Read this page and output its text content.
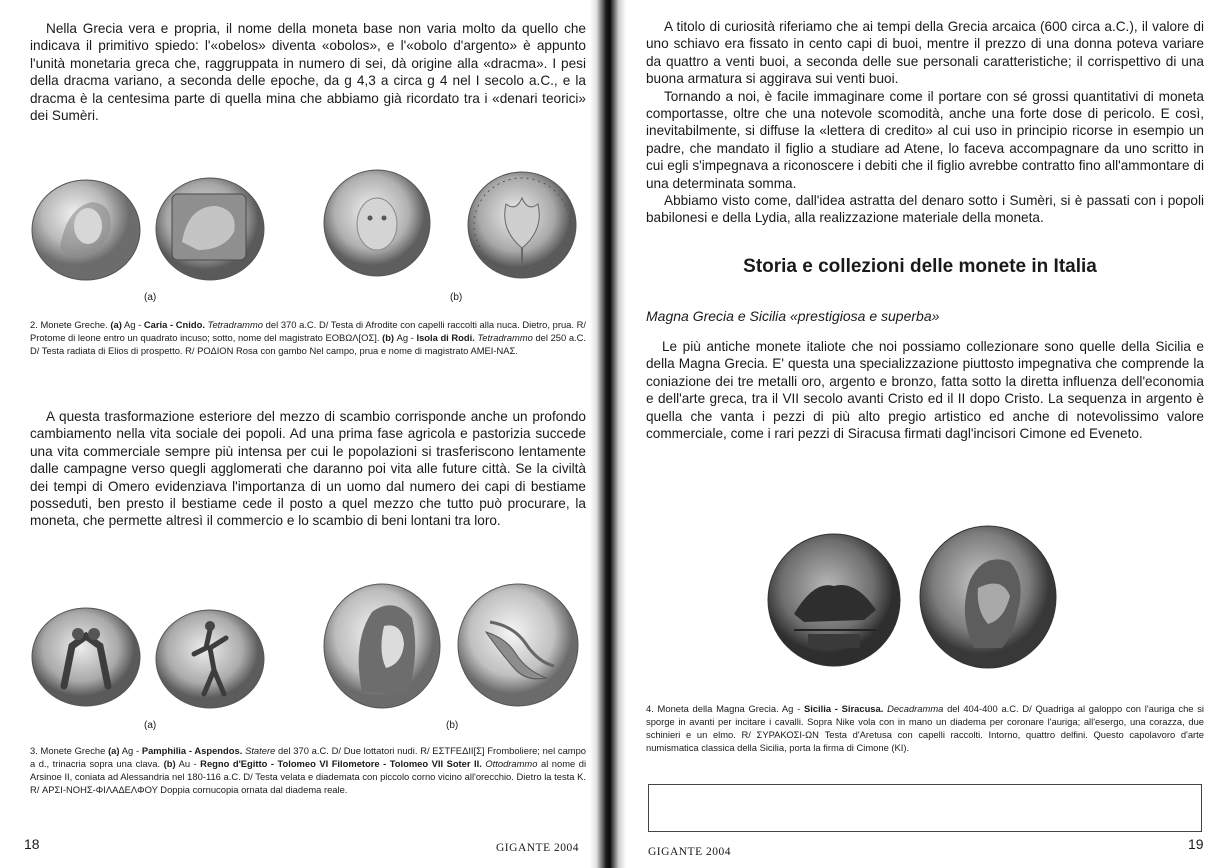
Nella Grecia vera e propria, il nome della moneta base non varia molto da quello che indicava il primitivo spiedo: l'«obelos» diventa «obolos», e l'«obolo d'argento» è appunto l'unità monetaria greca che, raggruppata in numero di sei, dà origine alla «dracma». I pesi della dracma variano, a seconda delle epoche, da g 4,3 a circa g 4 nel I secolo a.C., e la dracma è la centesima parte di quella mina che abbiamo già ricordato tra i «denari teorici» dei Sumèri.
(a)	(b)
2. Monete Greche. (a) Ag - Caria - Cnido. Tetradrammo del 370 a.C. D/ Testa di Afrodite con capelli raccolti alla nuca. Dietro, prua. R/ Protome di leone entro un quadrato incuso; sotto, nome del magistrato ΕΟΒΩΛ[ΟΣ]. (b) Ag - Isola di Rodi. Tetradrammo del 250 a.C. D/ Testa radiata di Elios di prospetto. R/ ΡΟΔΙΟΝ Rosa con gambo Nel campo, prua e nome di magistrato AMEI-ΝΑΣ.
A questa trasformazione esteriore del mezzo di scambio corrisponde anche un profondo cambiamento nella vita sociale dei popoli. Ad una prima fase agricola e pastorizia succede una vita commerciale sempre più intensa per cui le popolazioni si trasferiscono lentamente dalle campagne verso quegli agglomerati che daranno poi vita alle future città. Se la civiltà dei tempi di Omero evidenziava l'importanza di un uomo dal numero dei capi di bestiame posseduti, ben presto il bestiame cede il posto a quel mezzo che tutto può procurare, la moneta, che permette altresì il commercio e lo scambio di beni lontani tra loro.
(a)	(b)
3. Monete Greche (a) Ag - Pamphilia - Aspendos. Statere del 370 a.C. D/ Due lottatori nudi. R/ ΕΣΤFΕΔΙΙ[Σ] Fromboliere; nel campo a d., trinacria sopra una clava. (b) Au - Regno d'Egitto - Tolomeo VI Filometore - Tolomeo VII Soter II. Ottodrammo al nome di Arsinoe II, coniata ad Alessandria nel 180-116 a.C. D/ Testa velata e diademata con piccolo corno vicino all'orecchio. Dietro la testa K. R/ ΑΡΣΙ-ΝΟΗΣ-ΦΙΛΑΔΕΛΦΟΥ Doppia cornucopia ornata dal diadema reale.
18	GIGANTE 2004

A titolo di curiosità riferiamo che ai tempi della Grecia arcaica (600 circa a.C.), il valore di uno schiavo era fissato in cento capi di buoi, mentre il prezzo di una donna poteva variare da quattro a venti buoi, a seconda delle sue personali caratteristiche; il corrispettivo di una buona armatura si aggirava sui venti buoi.

Tornando a noi, è facile immaginare come il portare con sé grossi quantitativi di moneta comportasse, oltre che una notevole scomodità, anche una forte dose di pericolo. E così, inevitabilmente, si diffuse la «lettera di credito» al cui uso in principio ricorse in esempio un padre, che mandato il figlio a studiare ad Atene, lo faceva accompagnare da uno scritto in cui egli s'impegnava a riconoscere i debiti che il figlio avrebbe contratto fino all'ammontare di una determinata somma.

Abbiamo visto come, dall'idea astratta del denaro sotto i Sumèri, si è passati con i popoli babilonesi e della Lydia, alla realizzazione materiale della moneta.

Storia e collezioni delle monete in Italia
Magna Grecia e Sicilia «prestigiosa e superba»
Le più antiche monete italiote che noi possiamo collezionare sono quelle della Sicilia e della Magna Grecia. E' questa una specializzazione piuttosto impegnativa che comprende la coniazione dei tre metalli oro, argento e bronzo, fatta sotto la diretta influenza dell'economia e dell'arte greca, tra il VII secolo avanti Cristo ed il II dopo Cristo. La sequenza in argento è quella che vanta i pezzi di più alto pregio artistico ed anche di notevolissimo valore commerciale, come i rari pezzi di Siracusa firmati dagl'incisori Cimone ed Eveneto.
4. Moneta della Magna Grecia. Ag - Sicilia - Siracusa. Decadramma del 404-400 a.C. D/ Quadriga al galoppo con l'auriga che si sporge in avanti per incitare i cavalli. Sopra Nike vola con in mano un diadema per coronare l'auriga; all'esergo, una corazza, due schinieri e un elmo. R/ ΣΥΡΑΚΟΣΙ-ΩΝ Testa d'Aretusa con capelli raccolti. Intorno, quattro delfini. Questo capolavoro d'arte numismatica classica della Sicilia, porta la firma di Cimone (KI).
GIGANTE 2004	19
